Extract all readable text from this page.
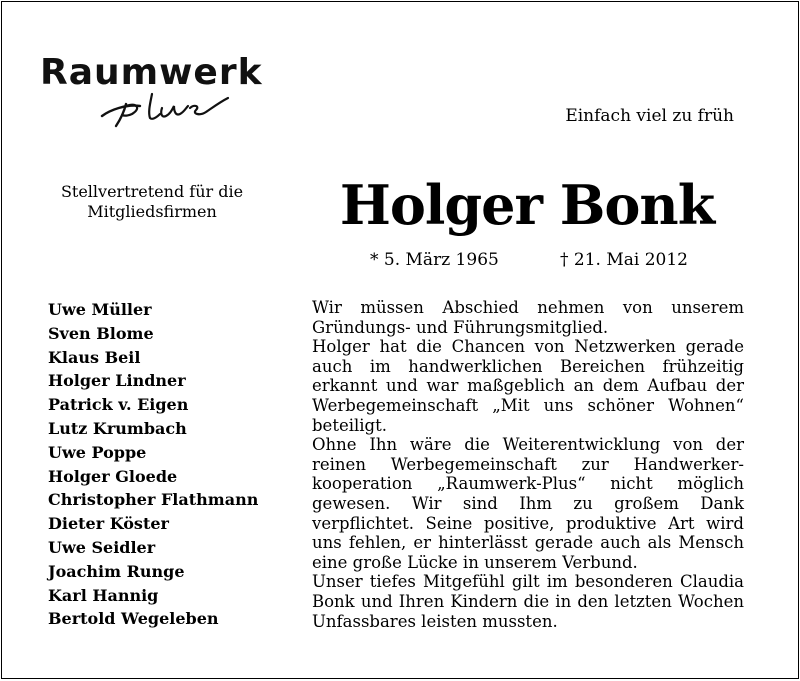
Raumwerk
Einfach viel zu früh
Stellvertretend für die
Mitgliedsfirmen	Holger Bonk
* 5. März 1965	† 21. Mai 2012
Uwe Müller
Sven Blome
Klaus Beil
Holger Lindner
Patrick v. Eigen
Lutz Krumbach
Uwe Poppe
Holger Gloede
Christopher Flathmann
Dieter Köster
Uwe Seidler
Joachim Runge
Karl Hannig
Bertold Wegeleben

Wir müssen Abschied nehmen von unserem Gründungs- und Führungsmitglied.

Holger hat die Chancen von Netzwerken gerade auch im handwerklichen Bereichen frühzeitig erkannt und war maßgeblich an dem Aufbau der Werbegemeinschaft „Mit uns schöner Wohnen“ beteiligt.

Ohne Ihn wäre die Weiterentwicklung von der reinen Werbegemeinschaft zur Handwerkerkooperation „Raumwerk-Plus“ nicht möglich gewesen. Wir sind Ihm zu großem Dank verpflichtet. Seine positive, produktive Art wird uns fehlen, er hinterlässt gerade auch als Mensch eine große Lücke in unserem Verbund.

Unser tiefes Mitgefühl gilt im besonderen Claudia Bonk und Ihren Kindern die in den letzten Wochen Unfassbares leisten mussten.
